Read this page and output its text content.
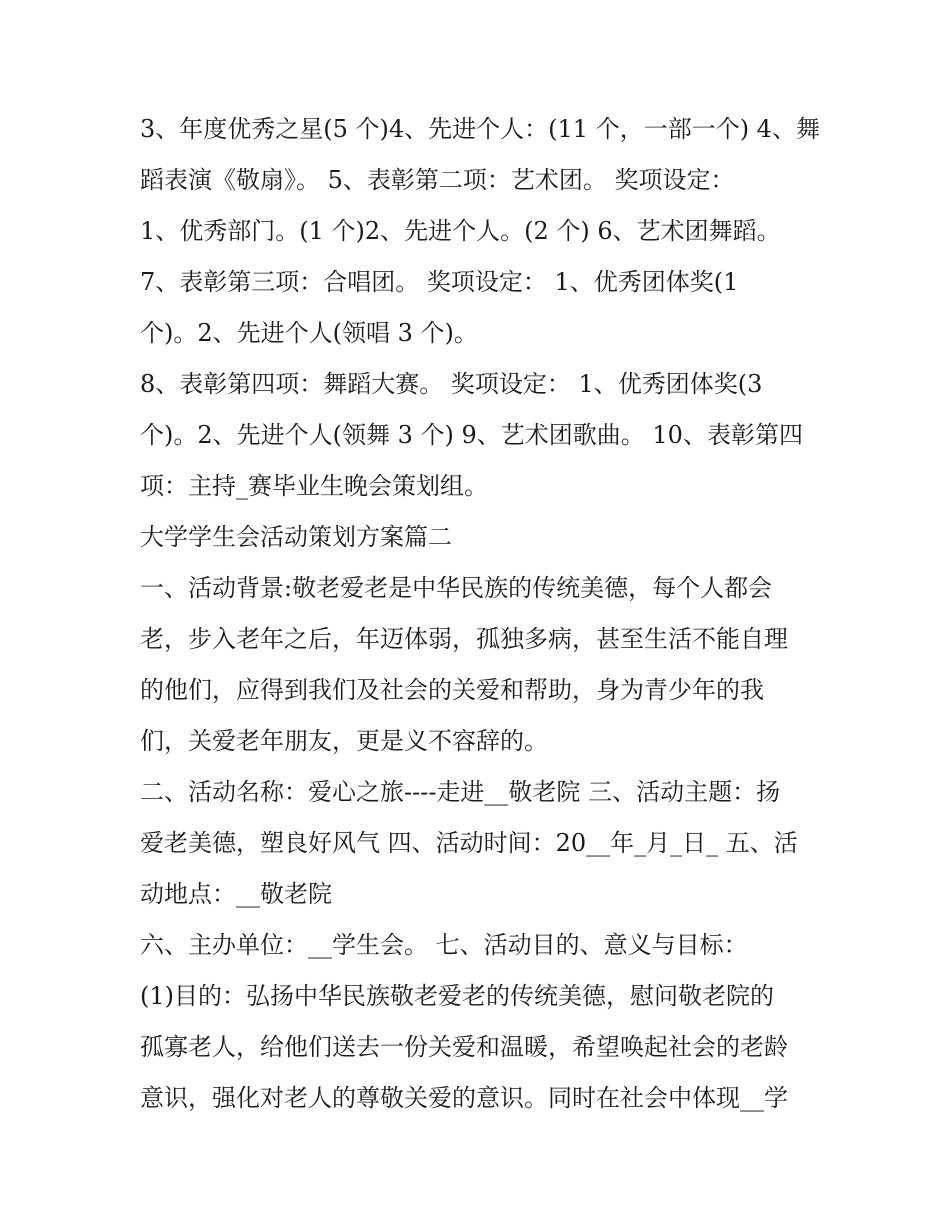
3、年度优秀之星(5 个)4、先进个人：(11 个，一部一个) 4、舞
蹈表演《敬扇》。 5、表彰第二项：艺术团。 奖项设定：
1、优秀部门。(1 个)2、先进个人。(2 个) 6、艺术团舞蹈。
7、表彰第三项：合唱团。 奖项设定： 1、优秀团体奖(1
个)。2、先进个人(领唱 3 个)。
8、表彰第四项：舞蹈大赛。 奖项设定： 1、优秀团体奖(3
个)。2、先进个人(领舞 3 个) 9、艺术团歌曲。 10、表彰第四
项：主持_赛毕业生晚会策划组。
大学学生会活动策划方案篇二
一、活动背景:敬老爱老是中华民族的传统美德，每个人都会
老，步入老年之后，年迈体弱，孤独多病，甚至生活不能自理
的他们，应得到我们及社会的关爱和帮助，身为青少年的我
们，关爱老年朋友，更是义不容辞的。
二、活动名称：爱心之旅----走进__敬老院 三、活动主题：扬
爱老美德，塑良好风气 四、活动时间：20__年_月_日_ 五、活
动地点：__敬老院
六、主办单位：__学生会。 七、活动目的、意义与目标：
(1)目的：弘扬中华民族敬老爱老的传统美德，慰问敬老院的
孤寡老人，给他们送去一份关爱和温暖，希望唤起社会的老龄
意识，强化对老人的尊敬关爱的意识。同时在社会中体现__学
